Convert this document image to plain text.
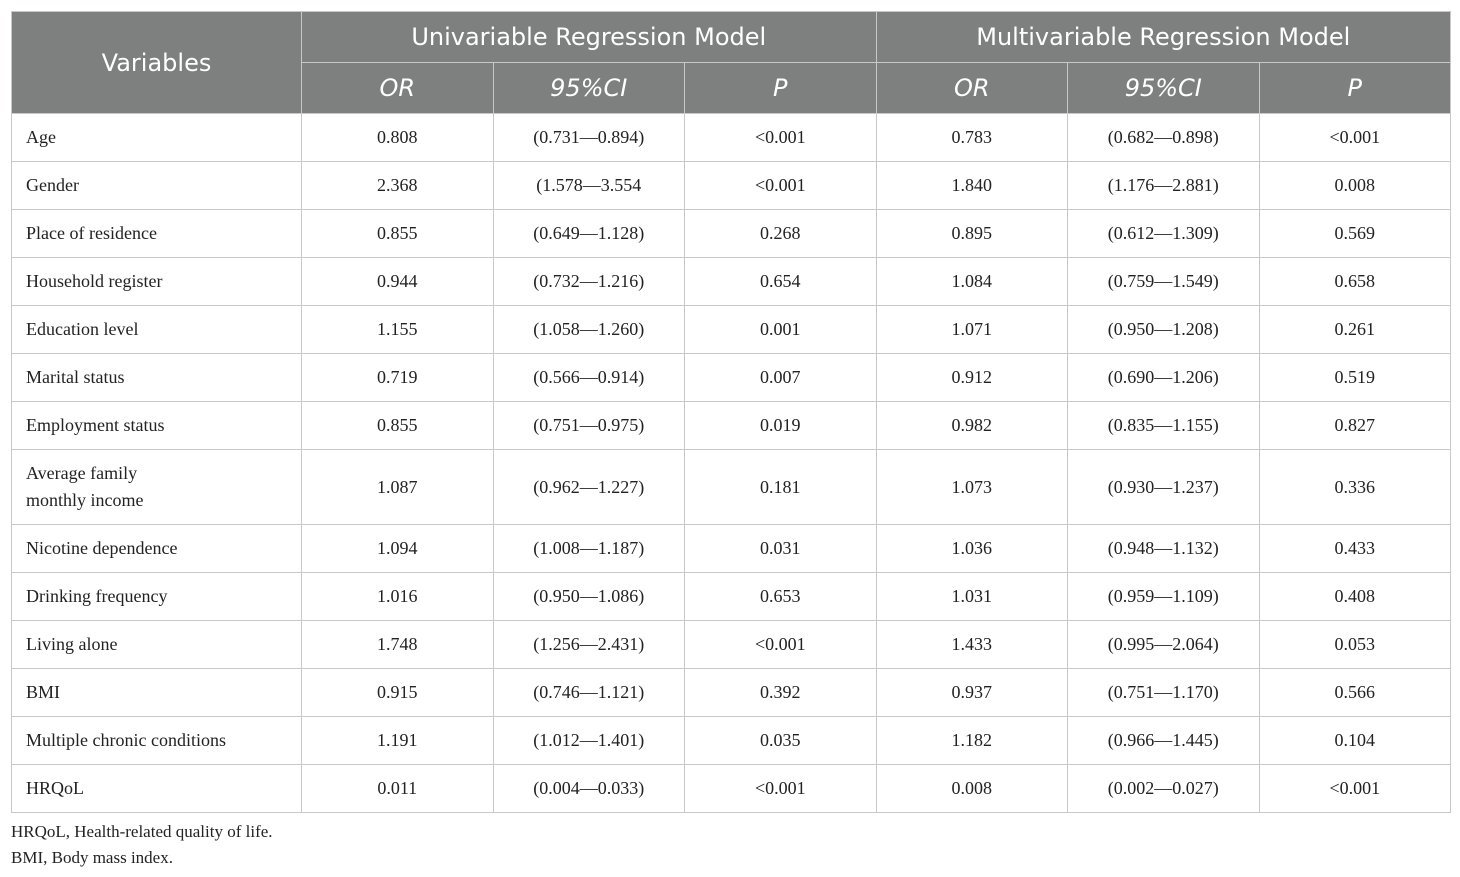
Variables	Univariable Regression Model			Multivariable Regression Model		
	OR	95%CI	P	OR	95%CI	P
Age	0.808	(0.731—0.894)	<0.001	0.783	(0.682—0.898)	<0.001
Gender	2.368	(1.578—3.554	<0.001	1.840	(1.176—2.881)	0.008
Place of residence	0.855	(0.649—1.128)	0.268	0.895	(0.612—1.309)	0.569
Household register	0.944	(0.732—1.216)	0.654	1.084	(0.759—1.549)	0.658
Education level	1.155	(1.058—1.260)	0.001	1.071	(0.950—1.208)	0.261
Marital status	0.719	(0.566—0.914)	0.007	0.912	(0.690—1.206)	0.519
Employment status	0.855	(0.751—0.975)	0.019	0.982	(0.835—1.155)	0.827
Average family
monthly income	1.087	(0.962—1.227)	0.181	1.073	(0.930—1.237)	0.336
Nicotine dependence	1.094	(1.008—1.187)	0.031	1.036	(0.948—1.132)	0.433
Drinking frequency	1.016	(0.950—1.086)	0.653	1.031	(0.959—1.109)	0.408
Living alone	1.748	(1.256—2.431)	<0.001	1.433	(0.995—2.064)	0.053
BMI	0.915	(0.746—1.121)	0.392	0.937	(0.751—1.170)	0.566
Multiple chronic conditions	1.191	(1.012—1.401)	0.035	1.182	(0.966—1.445)	0.104
HRQoL	0.011	(0.004—0.033)	<0.001	0.008	(0.002—0.027)	<0.001
HRQoL, Health-related quality of life.
BMI, Body mass index.
